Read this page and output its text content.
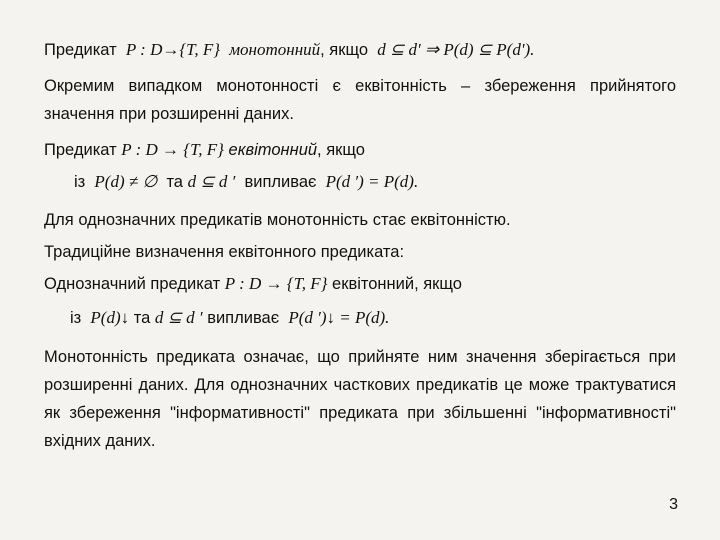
Предикат P : D→{T, F} монотонний, якщо d ⊆ d' ⇒ P(d) ⊆ P(d').
Окремим випадком монотонності є еквітонність – збереження прийнятого значення при розширенні даних.
Предикат P : D → {T, F} еквітонний, якщо
із P(d) ≠ ∅ та d ⊆ d ′ випливає P(d ′) = P(d).
Для однозначних предикатів монотонність стає еквітонністю.
Традиційне визначення еквітонного предиката:
Однозначний предикат P : D → {T, F} еквітонний, якщо
із P(d)↓ та d ⊆ d ′ випливає P(d ′)↓ = P(d).
Монотонність предиката означає, що прийняте ним значення зберігається при розширенні даних. Для однозначних часткових предикатів це може трактуватися як збереження "інформативності" предиката при збільшенні "інформативності" вхідних даних.
3
